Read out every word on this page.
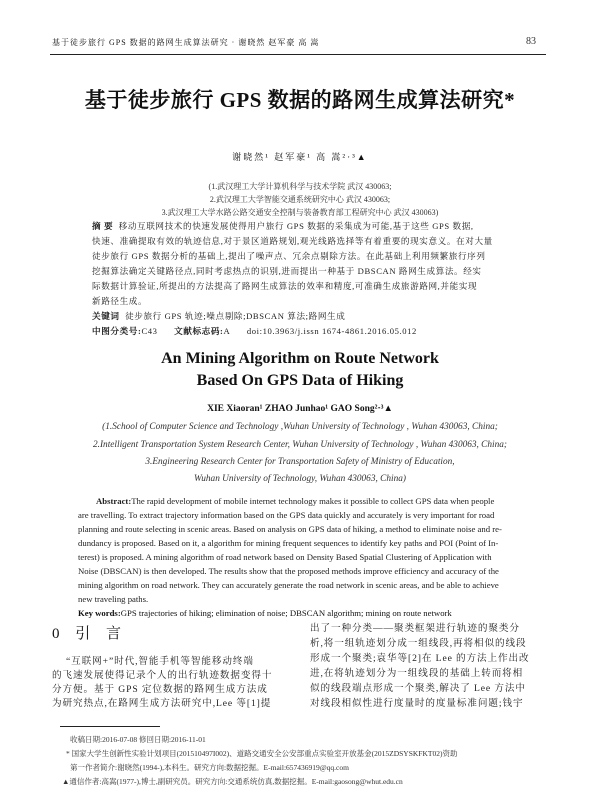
基于徒步旅行 GPS 数据的路网生成算法研究 · 谢晓然 赵军豪 高 嵩	83
基于徒步旅行 GPS 数据的路网生成算法研究*
谢晓然¹ 赵军豪¹ 高 嵩²·³▲
(1.武汉理工大学计算机科学与技术学院 武汉 430063;
2.武汉理工大学智能交通系统研究中心 武汉 430063;
3.武汉理工大学水路公路交通安全控制与装备教育部工程研究中心 武汉 430063)
摘 要 移动互联网技术的快速发展使得用户旅行 GPS 数据的采集成为可能,基于这些 GPS 数据,
快速、准确提取有效的轨迹信息,对于景区道路规划,观光线路选择等有着重要的现实意义。在对大量
徒步旅行 GPS 数据分析的基础上,提出了噪声点、冗余点剔除方法。在此基础上利用频繁旅行序列
挖掘算法确定关键路径点,同时考虑热点的识别,进而提出一种基于 DBSCAN 路网生成算法。经实
际数据计算验证,所提出的方法提高了路网生成算法的效率和精度,可准确生成旅游路网,并能实现
新路径生成。
关键词 徒步旅行 GPS 轨迹;噪点剔除;DBSCAN 算法;路网生成
中图分类号:C43 文献标志码:A doi:10.3963/j.issn 1674-4861.2016.05.012
An Mining Algorithm on Route Network
Based On GPS Data of Hiking
XIE Xiaoran¹ ZHAO Junhao¹ GAO Song²·³▲
(1.School of Computer Science and Technology ,Wuhan University of Technology , Wuhan 430063, China;
2.Intelligent Transportation System Research Center, Wuhan University of Technology , Wuhan 430063, China;
3.Engineering Research Center for Transportation Safety of Ministry of Education,
Wuhan University of Technology, Wuhan 430063, China)
Abstract:The rapid development of mobile internet technology makes it possible to collect GPS data when people
are travelling. To extract trajectory information based on the GPS data quickly and accurately is very important for road
planning and route selecting in scenic areas. Based on analysis on GPS data of hiking, a method to eliminate noise and re-
dundancy is proposed. Based on it, a algorithm for mining frequent sequences to identify key paths and POI (Point of In-
terest) is proposed. A mining algorithm of road network based on Density Based Spatial Clustering of Application with
Noise (DBSCAN) is then developed. The results show that the proposed methods improve efficiency and accuracy of the
mining algorithm on road network. They can accurately generate the road network in scenic areas, and be able to achieve
new traveling paths.
Key words:GPS trajectories of hiking; elimination of noise; DBSCAN algorithm; mining on route network
0 引 言
“互联网+”时代,智能手机等智能移动终端
的飞速发展使得记录个人的出行轨迹数据变得十
分方便。基于 GPS 定位数据的路网生成方法成
为研究热点,在路网生成方法研究中,Lee 等[1]提
出了一种分类——聚类框架进行轨迹的聚类分
析,将一组轨迹划分成一组线段,再将相似的线段
形成一个聚类;袁华等[2]在 Lee 的方法上作出改
进,在将轨迹划分为一组线段的基础上转而将相
似的线段端点形成一个聚类,解决了 Lee 方法中
对线段相似性进行度量时的度量标准问题;钱宇
收稿日期:2016-07-08 修回日期:2016-11-01
* 国家大学生创新性实验计划项目(201510497I002)、道路交通安全公安部重点实验室开放基金(2015ZDSYSKFKT02)资助
第一作者简介:谢晓然(1994-),本科生。研究方向:数据挖掘。E-mail:657436919@qq.com
▲通信作者:高嵩(1977-),博士,副研究员。研究方向:交通系统仿真,数据挖掘。E-mail:gaosong@whut.edu.cn
